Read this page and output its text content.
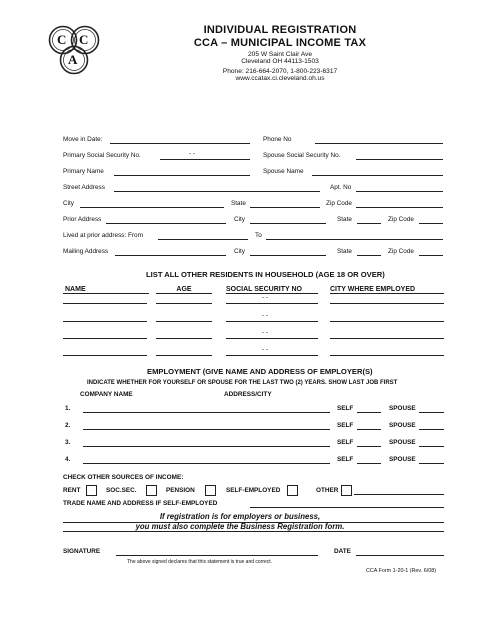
C C
A
INDIVIDUAL REGISTRATION
CCA – MUNICIPAL INCOME TAX
205 W Saint Clair Ave
Cleveland OH 44113-1503
Phone: 216-664-2070, 1-800-223-6317
www.ccatax.ci.cleveland.oh.us
Move in Date:	Phone No
Primary Social Security No.	- -	Spouse Social Security No.
Primary Name	Spouse Name
Street Address	Apt. No
City	State	Zip Code
Prior Address	City	State	Zip Code
Lived at prior address: From	To
Mailing Address	City	State	Zip Code
LIST ALL OTHER RESIDENTS IN HOUSEHOLD (AGE 18 OR OVER)
NAME	AGE	SOCIAL SECURITY NO	CITY WHERE EMPLOYED
- -
- -
- -
- -
EMPLOYMENT (GIVE NAME AND ADDRESS OF EMPLOYER(S)
INDICATE WHETHER FOR YOURSELF OR SPOUSE FOR THE LAST TWO (2) YEARS. SHOW LAST JOB FIRST
COMPANY NAME	ADDRESS/CITY
1.	SELF	SPOUSE
2.	SELF	SPOUSE
3.	SELF	SPOUSE
4.	SELF	SPOUSE
CHECK OTHER SOURCES OF INCOME:
RENT	SOC.SEC.	PENSION	SELF-EMPLOYED	OTHER
TRADE NAME AND ADDRESS IF SELF-EMPLOYED
If registration is for employers or business,
you must also complete the Business Registration form.
SIGNATURE	DATE
The above signed declares that this statement is true and correct.
CCA Form 1-20-1 (Rev. 6/08)
